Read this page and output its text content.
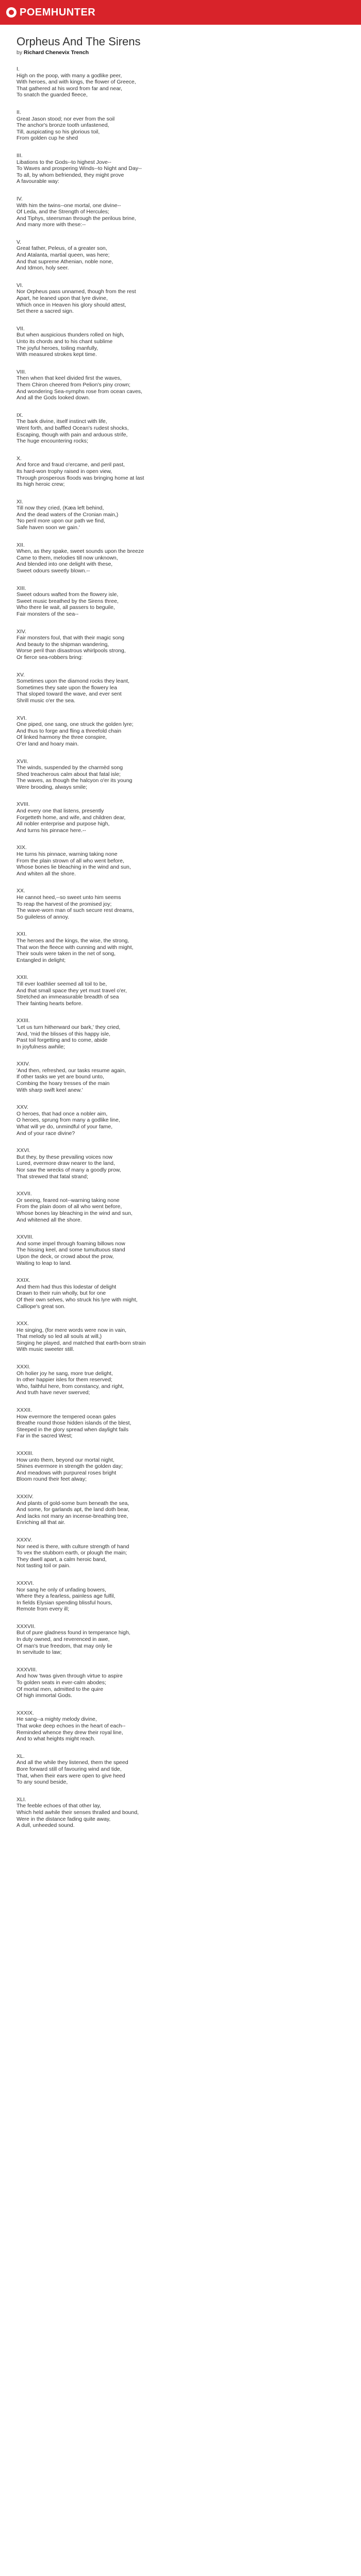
POEMHUNTER
Orpheus And The Sirens
by Richard Chenevix Trench
I.
High on the poop, with many a godlike peer,
With heroes, and with kings, the flower of Greece,
That gathered at his word from far and near,
To snatch the guarded fleece,
II.
Great Jason stood; nor ever from the soil
The anchor's bronze tooth unfastened,
Till, auspicating so his glorious toil,
From golden cup he shed
III.
Libations to the Gods--to highest Jove--
To Waves and prospering Winds--to Night and Day--
To all, by whom befriended, they might prove
A favourable way:
IV.
With him the twins--one mortal, one divine--
Of Leda, and the Strength of Hercules;
And Tiphys, steersman through the perilous brine,
And many more with these:--
V.
Great father, Peleus, of a greater son,
And Atalanta, martial queen, was here;
And that supreme Athenian, noble none,
And Idmon, holy seer.
VI.
Nor Orpheus pass unnamed, though from the rest
Apart, he leaned upon that lyre divine,
Which once in Heaven his glory should attest,
Set there a sacred sign.
VII.
But when auspicious thunders rolled on high,
Unto its chords and to his chant sublime
The joyful heroes, toiling manfully,
With measured strokes kept time.
VIII.
Then when that keel divided first the waves,
Them Chiron cheered from Pelion's piny crown;
And wondering Sea-nymphs rose from ocean caves,
And all the Gods looked down.
IX.
The bark divine, itself instinct with life,
Went forth, and baffled Ocean's rudest shocks,
Escaping, though with pain and arduous strife,
The huge encountering rocks;
X.
And force and fraud o'ercame, and peril past,
Its hard-won trophy raised in open view,
Through prosperous floods was bringing home at last
Its high heroic crew;
XI.
Till now they cried, (Kæa left behind,
And the dead waters of the Cronian main,)
'No peril more upon our path we find,
Safe haven soon we gain.'
XII.
When, as they spake, sweet sounds upon the breeze
Came to them, melodies till now unknown,
And blended into one delight with these,
Sweet odours sweetly blown.--
XIII.
Sweet odours wafted from the flowery isle,
Sweet music breathed by the Sirens three,
Who there lie wait, all passers to beguile,
Fair monsters of the sea--
XIV.
Fair monsters foul, that with their magic song
And beauty to the shipman wandering,
Worse peril than disastrous whirlpools strong,
Or fierce sea-robbers bring:
XV.
Sometimes upon the diamond rocks they leant,
Sometimes they sate upon the flowery lea
That sloped toward the wave, and ever sent
Shrill music o'er the sea.
XVI.
One piped, one sang, one struck the golden lyre;
And thus to forge and fling a threefold chain
Of linked harmony the three conspire,
O'er land and hoary main.
XVII.
The winds, suspended by the charmèd song
Shed treacherous calm about that fatal isle;
The waves, as though the halcyon o'er its young
Were brooding, always smile;
XVIII.
And every one that listens, presently
Forgetteth home, and wife, and children dear,
All nobler enterprise and purpose high,
And turns his pinnace here.--
XIX.
He turns his pinnace, warning taking none
From the plain strown of all who went before,
Whose bones lie bleaching in the wind and sun,
And whiten all the shore.
XX.
He cannot heed,--so sweet unto him seems
To reap the harvest of the promised joy;
The wave-worn man of such secure rest dreams,
So guileless of annoy.
XXI.
The heroes and the kings, the wise, the strong,
That won the fleece with cunning and with might,
Their souls were taken in the net of song,
Entangled in delight;
XXII.
Till ever loathlier seemed all toil to be,
And that small space they yet must travel o'er,
Stretched an immeasurable breadth of sea
Their fainting hearts before.
XXIII.
'Let us turn hitherward our bark,' they cried,
'And, 'mid the blisses of this happy isle,
Past toil forgetting and to come, abide
In joyfulness awhile;
XXIV.
'And then, refreshed, our tasks resume again,
If other tasks we yet are bound unto,
Combing the hoary tresses of the main
With sharp swift keel anew.'
XXV.
O heroes, that had once a nobler aim,
O heroes, sprung from many a godlike line,
What will ye do, unmindful of your fame,
And of your race divine?
XXVI.
But they, by these prevailing voices now
Lured, evermore draw nearer to the land,
Nor saw the wrecks of many a goodly prow,
That strewed that fatal strand;
XXVII.
Or seeing, feared not--warning taking none
From the plain doom of all who went before,
Whose bones lay bleaching in the wind and sun,
And whitened all the shore.
XXVIII.
And some impel through foaming billows now
The hissing keel, and some tumultuous stand
Upon the deck, or crowd about the prow,
Waiting to leap to land.
XXIX.
And them had thus this lodestar of delight
Drawn to their ruin wholly, but for one
Of their own selves, who struck his lyre with might,
Calliope's great son.
XXX.
He singing, (for mere words were now in vain,
That melody so led all souls at will,)
Singing he played, and matched that earth-born strain
With music sweeter still.
XXXI.
Oh holier joy he sang, more true delight,
In other happier isles for them reserved;
Who, faithful here, from constancy, and right,
And truth have never swerved;
XXXII.
How evermore the tempered ocean gales
Breathe round those hidden islands of the blest,
Steeped in the glory spread when daylight fails
Far in the sacred West;
XXXIII.
How unto them, beyond our mortal night,
Shines evermore in strength the golden day;
And meadows with purpureal roses bright
Bloom round their feet alway;
XXXIV.
And plants of gold-some burn beneath the sea,
And some, for garlands apt, the land doth bear,
And lacks not many an incense-breathing tree,
Enriching all that air.
XXXV.
Nor need is there, with culture strength of hand
To vex the stubborn earth, or plough the main;
They dwell apart, a calm heroic band,
Not tasting toil or pain.
XXXVI.
Nor sang he only of unfading bowers,
Where they a fearless, painless age fulfil,
In fields Elysian spending blissful hours,
Remote from every ill;
XXXVII.
But of pure gladness found in temperance high,
In duty owned, and reverenced in awe,
Of man's true freedom, that may only lie
In servitude to law;
XXXVIII.
And how 'twas given through virtue to aspire
To golden seats in ever-calm abodes;
Of mortal men, admitted to the quire
Of high immortal Gods.
XXXIX.
He sang--a mighty melody divine,
That woke deep echoes in the heart of each--
Reminded whence they drew their royal line,
And to what heights might reach.
XL.
And all the while they listened, them the speed
Bore forward still of favouring wind and tide,
That, when their ears were open to give heed
To any sound beside,
XLI.
The feeble echoes of that other lay,
Which held awhile their senses thralled and bound,
Were in the distance fading quite away,
A dull, unheeded sound.
